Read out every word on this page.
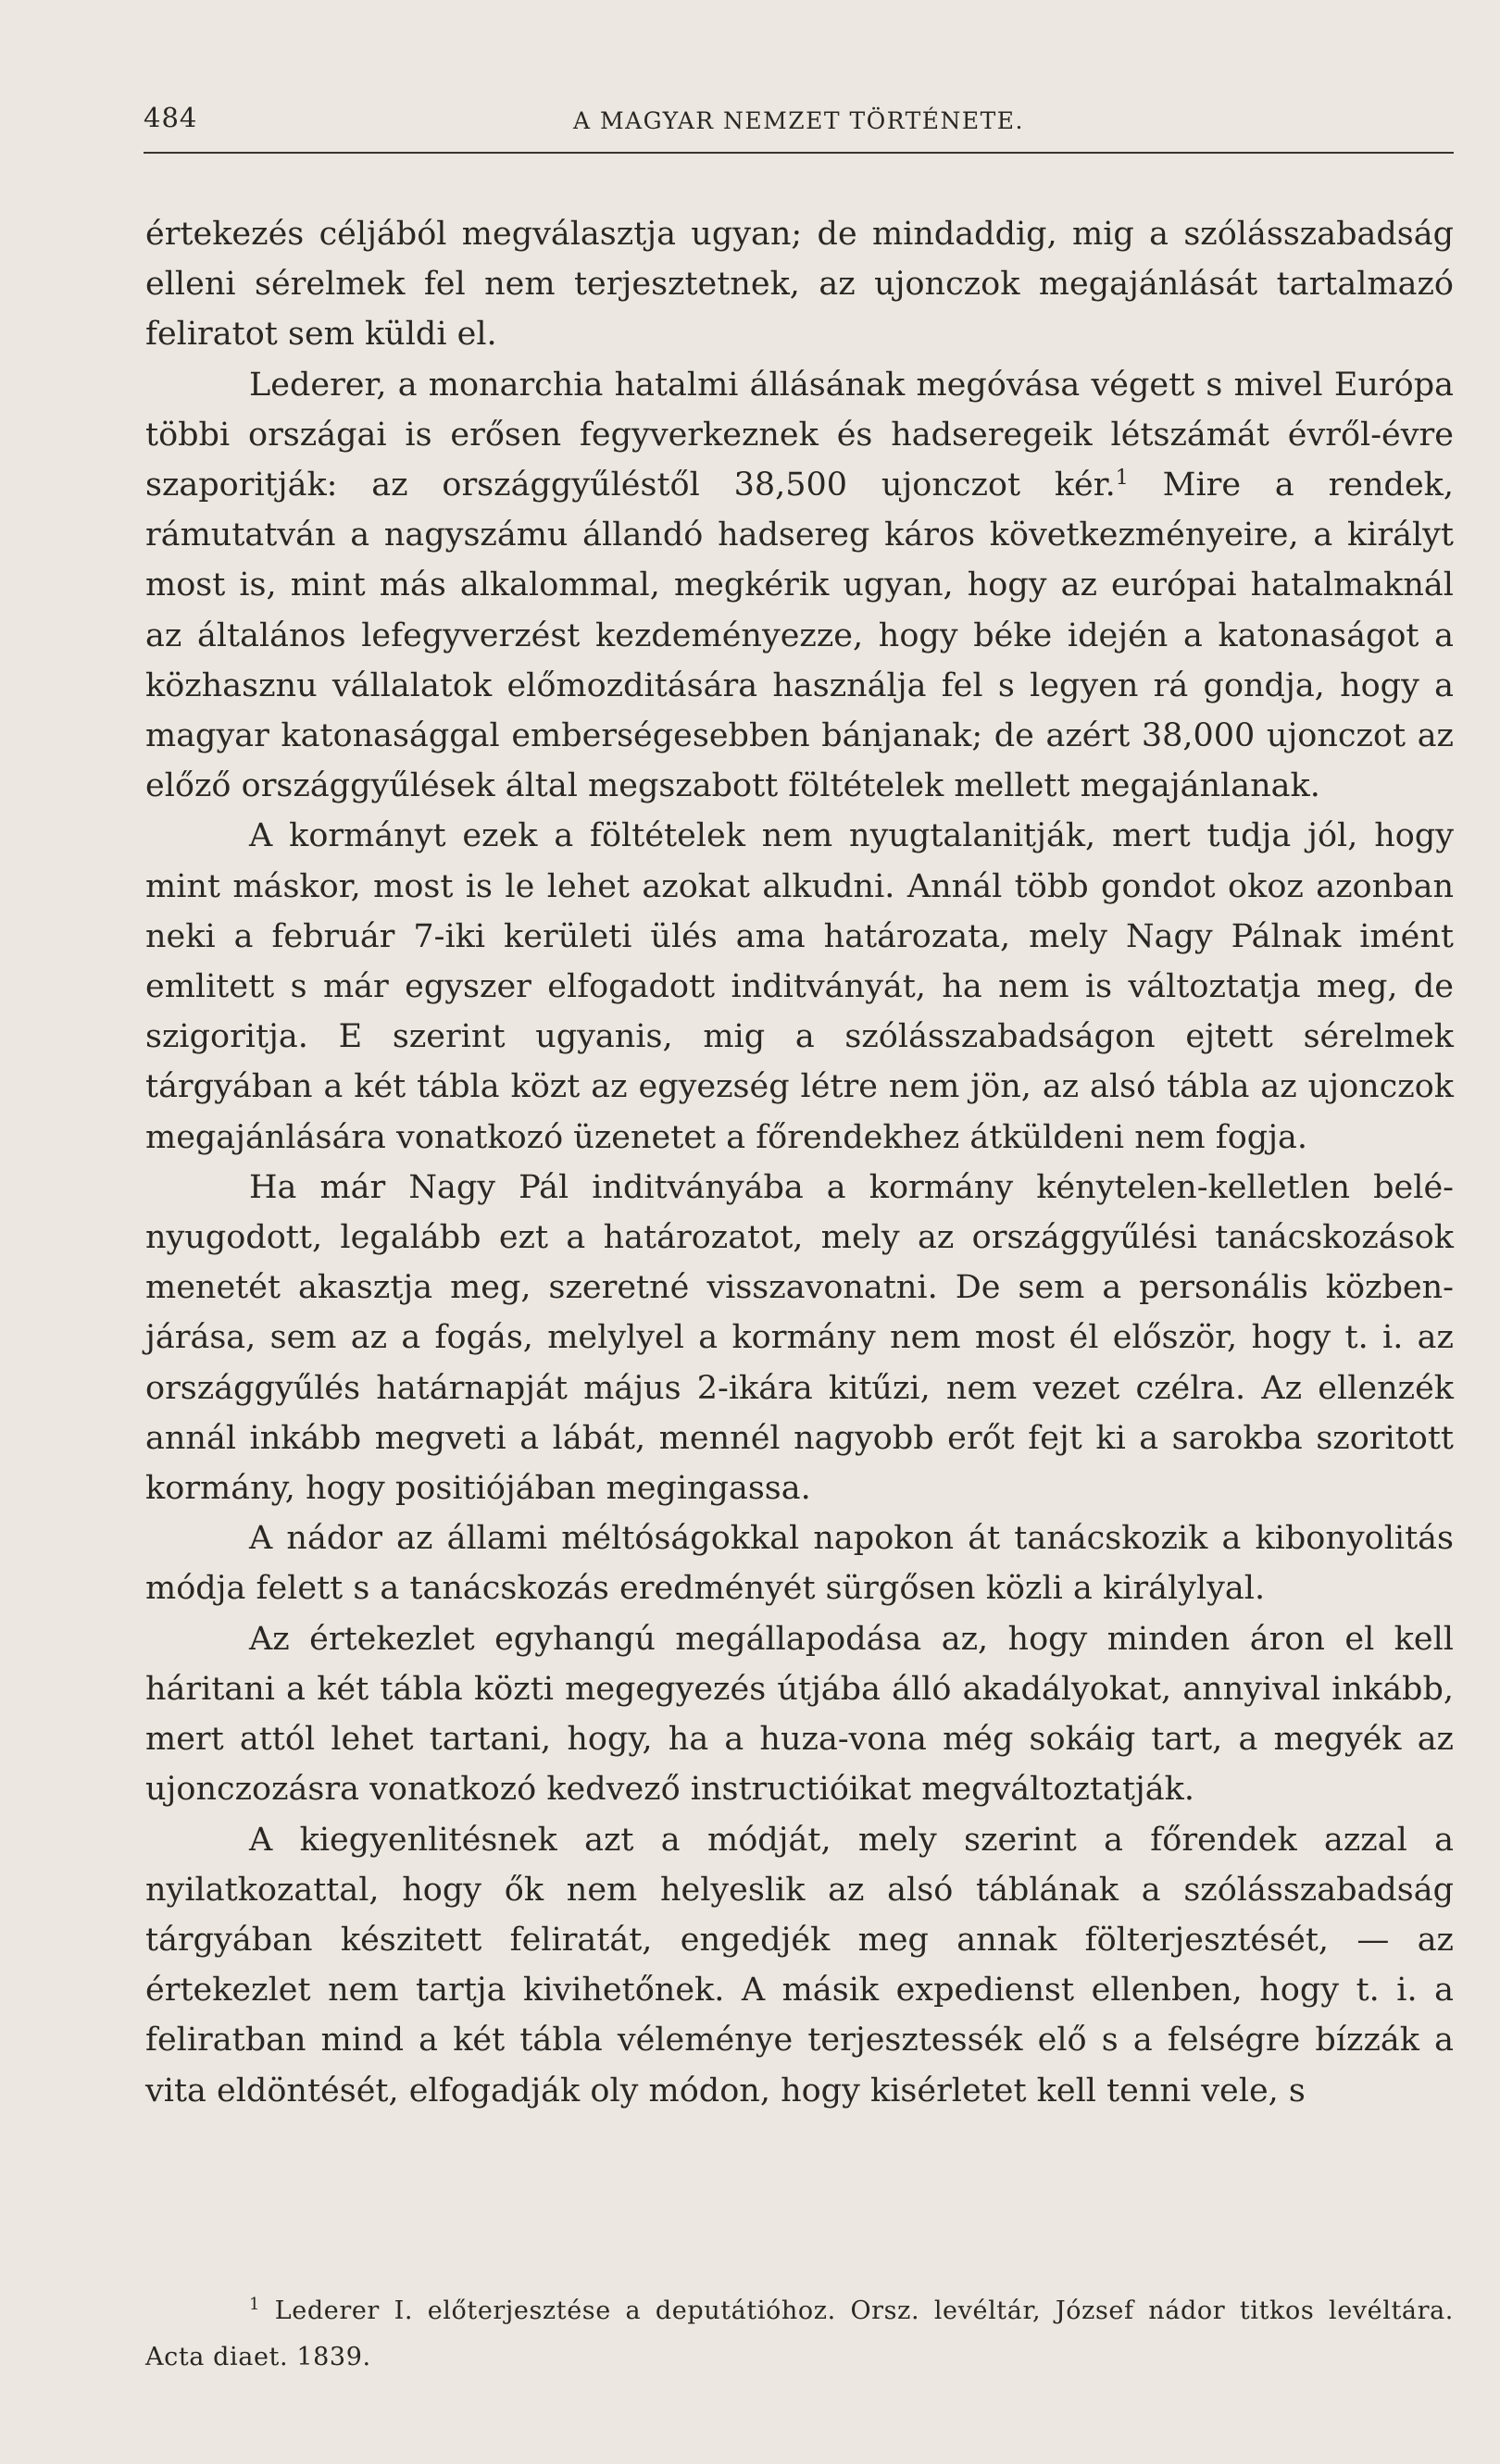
484	A MAGYAR NEMZET TÖRTÉNETE.

értekezés céljából megválasztja ugyan; de mindaddig, mig a szólásszabadság elleni sérelmek fel nem terjesztetnek, az ujonczok megajánlását tartalmazó feliratot sem küldi el.

Lederer, a monarchia hatalmi állásának megóvása végett s mivel Európa többi országai is erősen fegyverkeznek és hadseregeik létszámát évről-évre szaporitják: az országgyűléstől 38,500 ujonczot kér.$^1$ Mire a rendek, rámutatván a nagyszámu állandó hadsereg káros következményeire, a királyt most is, mint más alkalommal, megkérik ugyan, hogy az európai hatalmaknál az általános lefegyverzést kezdeményezze, hogy béke idején a katonaságot a közhasznu vállalatok előmozditására használja fel s legyen rá gondja, hogy a magyar katonasággal emberségesebben bánjanak; de azért 38,000 ujonczot az előző országgyűlések által megszabott föltételek mellett megajánlanak.

A kormányt ezek a föltételek nem nyugtalanitják, mert tudja jól, hogy mint máskor, most is le lehet azokat alkudni. Annál több gondot okoz azonban neki a február 7-iki kerületi ülés ama határozata, mely Nagy Pálnak imént emlitett s már egyszer elfogadott inditványát, ha nem is változtatja meg, de szigoritja. E szerint ugyanis, mig a szólásszabadságon ejtett sérelmek tárgyában a két tábla közt az egyezség létre nem jön, az alsó tábla az ujonczok megajánlására vonatkozó üzenetet a főrendekhez átküldeni nem fogja.

Ha már Nagy Pál inditványába a kormány kénytelen-kelletlen belényugodott, legalább ezt a határozatot, mely az országgyűlési tanácskozások menetét akasztja meg, szeretné visszavonatni. De sem a personális közbenjárása, sem az a fogás, melylyel a kormány nem most él először, hogy t. i. az országgyűlés határnapját május 2-ikára kitűzi, nem vezet czélra. Az ellenzék annál inkább megveti a lábát, mennél nagyobb erőt fejt ki a sarokba szoritott kormány, hogy positiójában megingassa.

A nádor az állami méltóságokkal napokon át tanácskozik a kibonyolitás módja felett s a tanácskozás eredményét sürgősen közli a királylyal.

Az értekezlet egyhangú megállapodása az, hogy minden áron el kell háritani a két tábla közti megegyezés útjába álló akadályokat, annyival inkább, mert attól lehet tartani, hogy, ha a huza-vona még sokáig tart, a megyék az ujonczozásra vonatkozó kedvező instructióikat megváltoztatják.

A kiegyenlitésnek azt a módját, mely szerint a főrendek azzal a nyilatkozattal, hogy ők nem helyeslik az alsó táblának a szólásszabadság tárgyában készitett feliratát, engedjék meg annak fölterjesztését, — az értekezlet nem tartja kivihetőnek. A másik expedienst ellenben, hogy t. i. a feliratban mind a két tábla véleménye terjesztessék elő s a felségre bízzák a vita eldöntését, elfogadják oly módon, hogy kisérletet kell tenni vele, s

$^1$ Lederer I. előterjesztése a deputátióhoz. Orsz. levéltár, József nádor titkos levéltára. Acta diaet. 1839.
